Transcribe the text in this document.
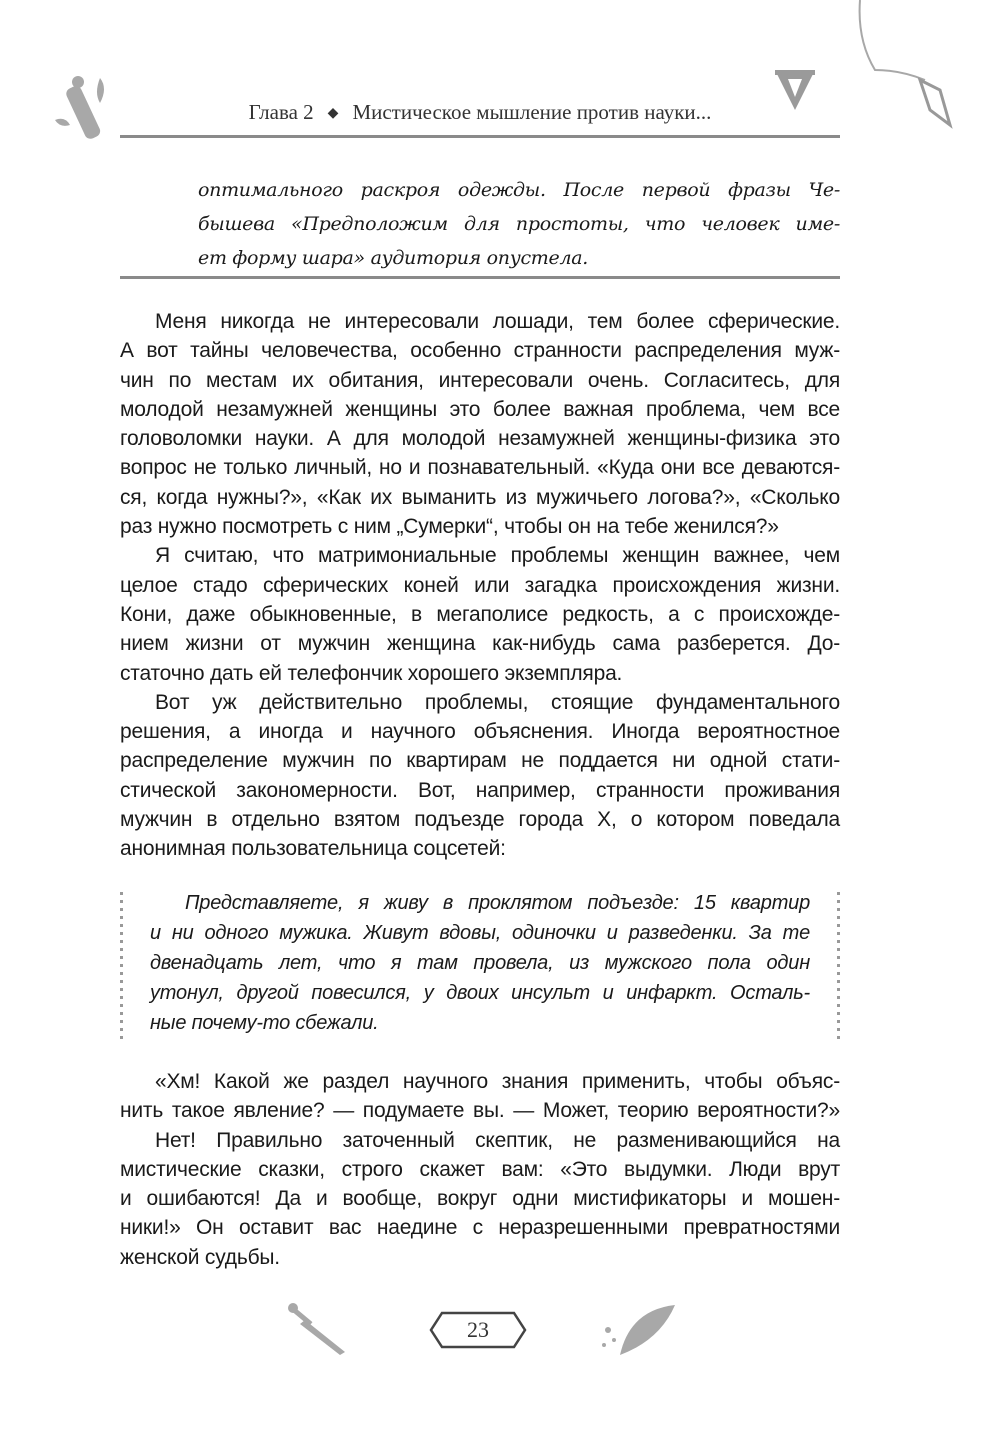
Глава 2 ◆ Мистическое мышление против науки...
оптимального раскроя одежды. После первой фразы Че-
бышева «Предположим для простоты, что человек име-
ет форму шара» аудитория опустела.
Меня никогда не интересовали лошади, тем более сферические.
А вот тайны человечества, особенно странности распределения муж-
чин по местам их обитания, интересовали очень. Согласитесь, для
молодой незамужней женщины это более важная проблема, чем все
головоломки науки. А для молодой незамужней женщины-физика это
вопрос не только личный, но и познавательный. «Куда они все деваются-
ся, когда нужны?», «Как их выманить из мужичьего логова?», «Сколько
раз нужно посмотреть с ним „Сумерки“, чтобы он на тебе женился?»
Я считаю, что матримониальные проблемы женщин важнее, чем
целое стадо сферических коней или загадка происхождения жизни.
Кони, даже обыкновенные, в мегаполисе редкость, а с происхожде-
нием жизни от мужчин женщина как-нибудь сама разберется. До-
статочно дать ей телефончик хорошего экземпляра.
Вот уж действительно проблемы, стоящие фундаментального
решения, а иногда и научного объяснения. Иногда вероятностное
распределение мужчин по квартирам не поддается ни одной стати-
стической закономерности. Вот, например, странности проживания
мужчин в отдельно взятом подъезде города X, о котором поведала
анонимная пользовательница соцсетей:
Представляете, я живу в проклятом подъезде: 15 квартир
и ни одного мужика. Живут вдовы, одиночки и разведенки. За те
двенадцать лет, что я там провела, из мужского пола один
утонул, другой повесился, у двоих инсульт и инфаркт. Осталь-
ные почему-то сбежали.
«Хм! Какой же раздел научного знания применить, чтобы объяс-
нить такое явление? — подумаете вы. — Может, теорию вероятности?»
Нет! Правильно заточенный скептик, не разменивающийся на
мистические сказки, строго скажет вам: «Это выдумки. Люди врут
и ошибаются! Да и вообще, вокруг одни мистификаторы и мошен-
ники!» Он оставит вас наедине с неразрешенными превратностями
женской судьбы.
23
